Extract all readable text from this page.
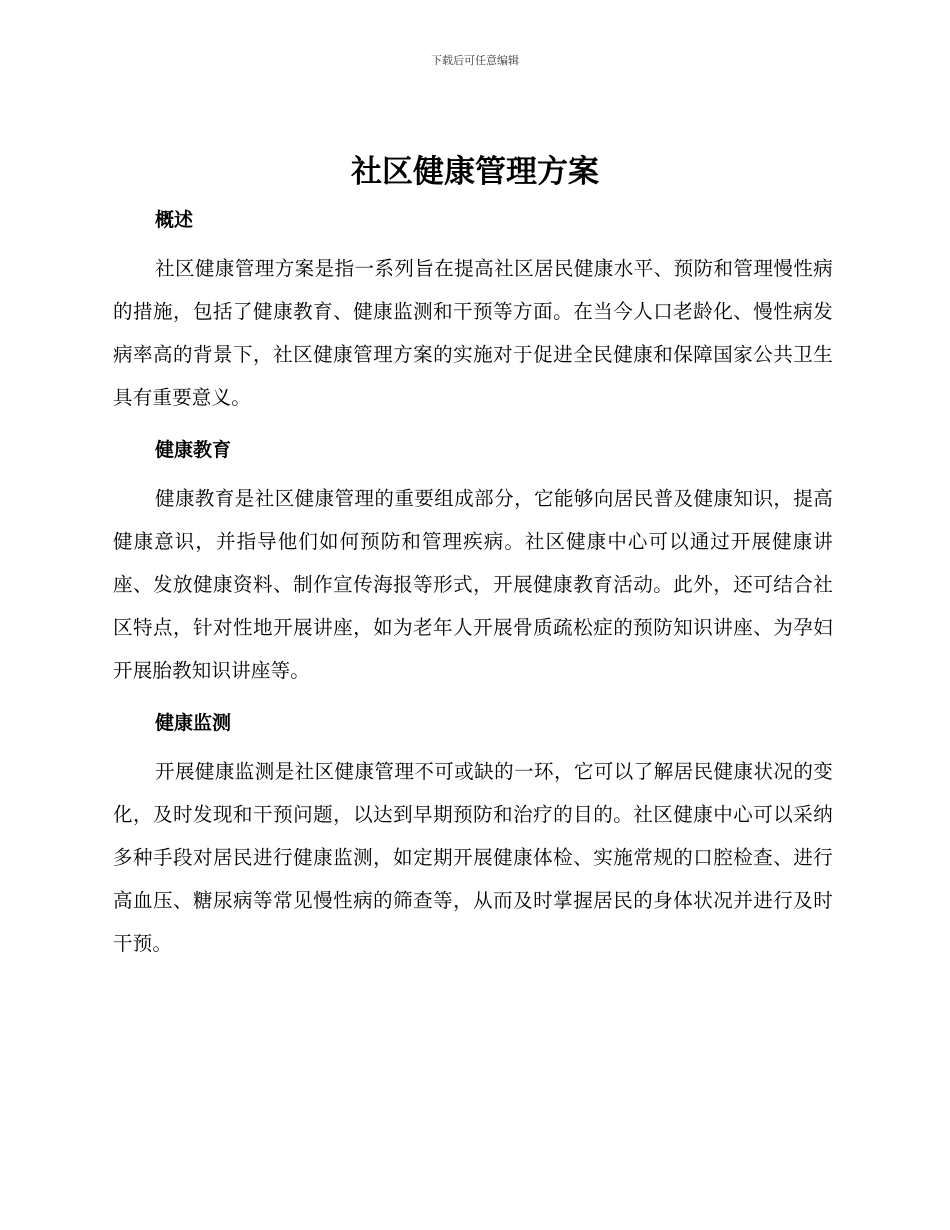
下载后可任意编辑
社区健康管理方案
概述

社区健康管理方案是指一系列旨在提高社区居民健康水平、预防和管理慢性病的措施，包括了健康教育、健康监测和干预等方面。在当今人口老龄化、慢性病发病率高的背景下，社区健康管理方案的实施对于促进全民健康和保障国家公共卫生具有重要意义。

健康教育

健康教育是社区健康管理的重要组成部分，它能够向居民普及健康知识，提高健康意识，并指导他们如何预防和管理疾病。社区健康中心可以通过开展健康讲座、发放健康资料、制作宣传海报等形式，开展健康教育活动。此外，还可结合社区特点，针对性地开展讲座，如为老年人开展骨质疏松症的预防知识讲座、为孕妇开展胎教知识讲座等。

健康监测

开展健康监测是社区健康管理不可或缺的一环，它可以了解居民健康状况的变化，及时发现和干预问题，以达到早期预防和治疗的目的。社区健康中心可以采纳多种手段对居民进行健康监测，如定期开展健康体检、实施常规的口腔检查、进行高血压、糖尿病等常见慢性病的筛查等，从而及时掌握居民的身体状况并进行及时干预。
